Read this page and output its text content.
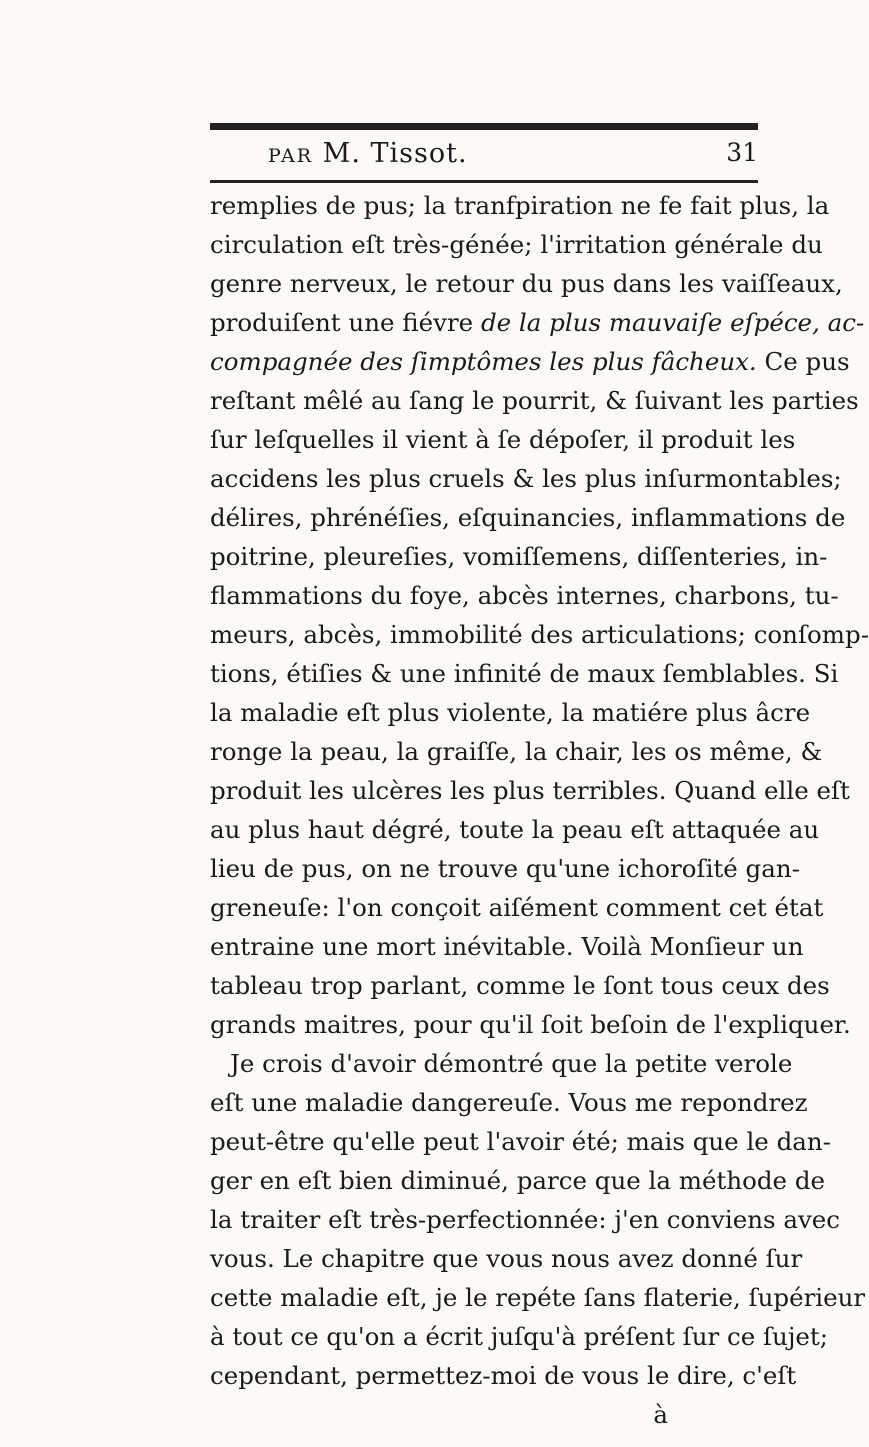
PAR M. Tissot.	31
remplies de pus; la tranfpiration ne fe fait plus, la
circulation eſt très-génée; l'irritation générale du
genre nerveux, le retour du pus dans les vaiſſeaux,
produiſent une fiévre de la plus mauvaiſe eſpéce, ac-
compagnée des ſimptômes les plus fâcheux. Ce pus
reſtant mêlé au ſang le pourrit, & ſuivant les parties
ſur leſquelles il vient à ſe dépoſer, il produit les
accidens les plus cruels & les plus inſurmontables;
délires, phrénéſies, eſquinancies, inflammations de
poitrine, pleureſies, vomiſſemens, diſſenteries, in-
flammations du foye, abcès internes, charbons, tu-
meurs, abcès, immobilité des articulations; conſomp-
tions, étiſies & une infinité de maux ſemblables. Si
la maladie eſt plus violente, la matiére plus âcre
ronge la peau, la graiſſe, la chair, les os même, &
produit les ulcères les plus terribles. Quand elle eſt
au plus haut dégré, toute la peau eſt attaquée au
lieu de pus, on ne trouve qu'une ichoroſité gan-
greneuſe: l'on conçoit aiſément comment cet état
entraine une mort inévitable. Voilà Monſieur un
tableau trop parlant, comme le ſont tous ceux des
grands maitres, pour qu'il ſoit beſoin de l'expliquer.
Je crois d'avoir démontré que la petite verole
eſt une maladie dangereuſe. Vous me repondrez
peut-être qu'elle peut l'avoir été; mais que le dan-
ger en eſt bien diminué, parce que la méthode de
la traiter eſt très-perfectionnée: j'en conviens avec
vous. Le chapitre que vous nous avez donné ſur
cette maladie eſt, je le repéte ſans flaterie, ſupérieur
à tout ce qu'on a écrit juſqu'à préſent ſur ce ſujet;
cependant, permettez-moi de vous le dire, c'eſt
à
